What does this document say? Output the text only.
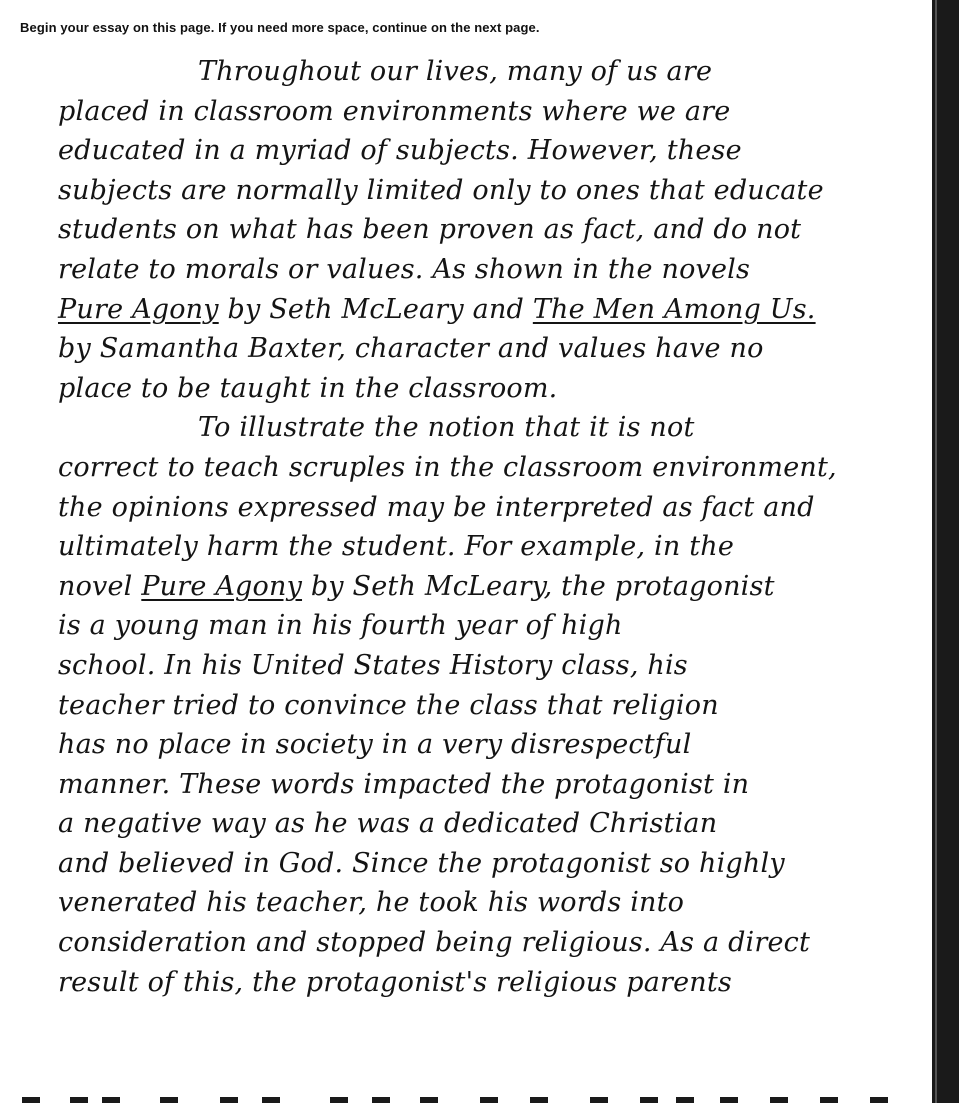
Begin your essay on this page. If you need more space, continue on the next page.
Throughout our lives, many of us are
placed in classroom environments where we are
educated in a myriad of subjects. However, these
subjects are normally limited only to ones that educate
students on what has been proven as fact, and do not
relate to morals or values. As shown in the novels
Pure Agony by Seth McLeary and The Men Among Us.
by Samantha Baxter, character and values have no
place to be taught in the classroom.
To illustrate the notion that it is not
correct to teach scruples in the classroom environment,
the opinions expressed may be interpreted as fact and
ultimately harm the student. For example, in the
novel Pure Agony by Seth McLeary, the protagonist
is a young man in his fourth year of high
school. In his United States History class, his
teacher tried to convince the class that religion
has no place in society in a very disrespectful
manner. These words impacted the protagonist in
a negative way as he was a dedicated Christian
and believed in God. Since the protagonist so highly
venerated his teacher, he took his words into
consideration and stopped being religious. As a direct
result of this, the protagonist's religious parents
